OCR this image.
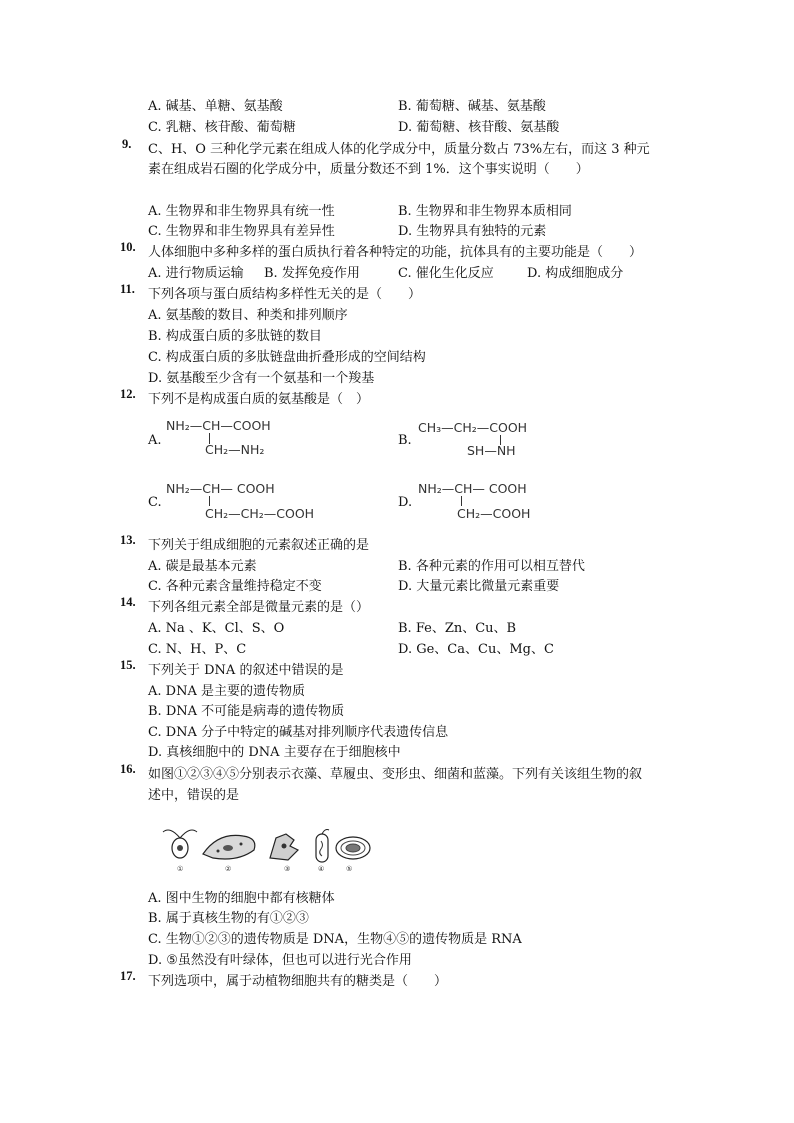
A. 碱基、单糖、氨基酸	B. 葡萄糖、碱基、氨基酸
C. 乳糖、核苷酸、葡萄糖	D. 葡萄糖、核苷酸、氨基酸
9. C、H、O 三种化学元素在组成人体的化学成分中，质量分数占 73%左右，而这 3 种元
素在组成岩石圈的化学成分中，质量分数还不到 1%．这个事实说明（　　）
A. 生物界和非生物界具有统一性	B. 生物界和非生物界本质相同
C. 生物界和非生物界具有差异性	D. 生物界具有独特的元素
10. 人体细胞中多种多样的蛋白质执行着各种特定的功能，抗体具有的主要功能是（　　）
A. 进行物质运输 B. 发挥免疫作用	C. 催化生化反应	D. 构成细胞成分
11. 下列各项与蛋白质结构多样性无关的是（　　）
A. 氨基酸的数目、种类和排列顺序
B. 构成蛋白质的多肽链的数目
C. 构成蛋白质的多肽链盘曲折叠形成的空间结构
D. 氨基酸至少含有一个氨基和一个羧基
12. 下列不是构成蛋白质的氨基酸是（　）
A.
NH₂—CH—COOH
CH₂—NH₂
B.
CH₃—CH₂—COOH
SH—NH
C.
NH₂—CH— COOH
CH₂—CH₂—COOH
D.
NH₂—CH— COOH
CH₂—COOH
13. 下列关于组成细胞的元素叙述正确的是
A. 碳是最基本元素	B. 各种元素的作用可以相互替代
C. 各种元素含量维持稳定不变	D. 大量元素比微量元素重要
14. 下列各组元素全部是微量元素的是（）
A. Na 、K、Cl、S、O	B. Fe、Zn、Cu、B
C. N、H、P、C	D. Ge、Ca、Cu、Mg、C
15. 下列关于 DNA 的叙述中错误的是
A. DNA 是主要的遗传物质
B. DNA 不可能是病毒的遗传物质
C. DNA 分子中特定的碱基对排列顺序代表遗传信息
D. 真核细胞中的 DNA 主要存在于细胞核中
16. 如图①②③④⑤分别表示衣藻、草履虫、变形虫、细菌和蓝藻。下列有关该组生物的叙
述中，错误的是
①	②	③	④	⑤
A. 图中生物的细胞中都有核糖体
B. 属于真核生物的有①②③
C. 生物①②③的遗传物质是 DNA，生物④⑤的遗传物质是 RNA
D. ⑤虽然没有叶绿体，但也可以进行光合作用
17. 下列选项中，属于动植物细胞共有的糖类是（　　）
